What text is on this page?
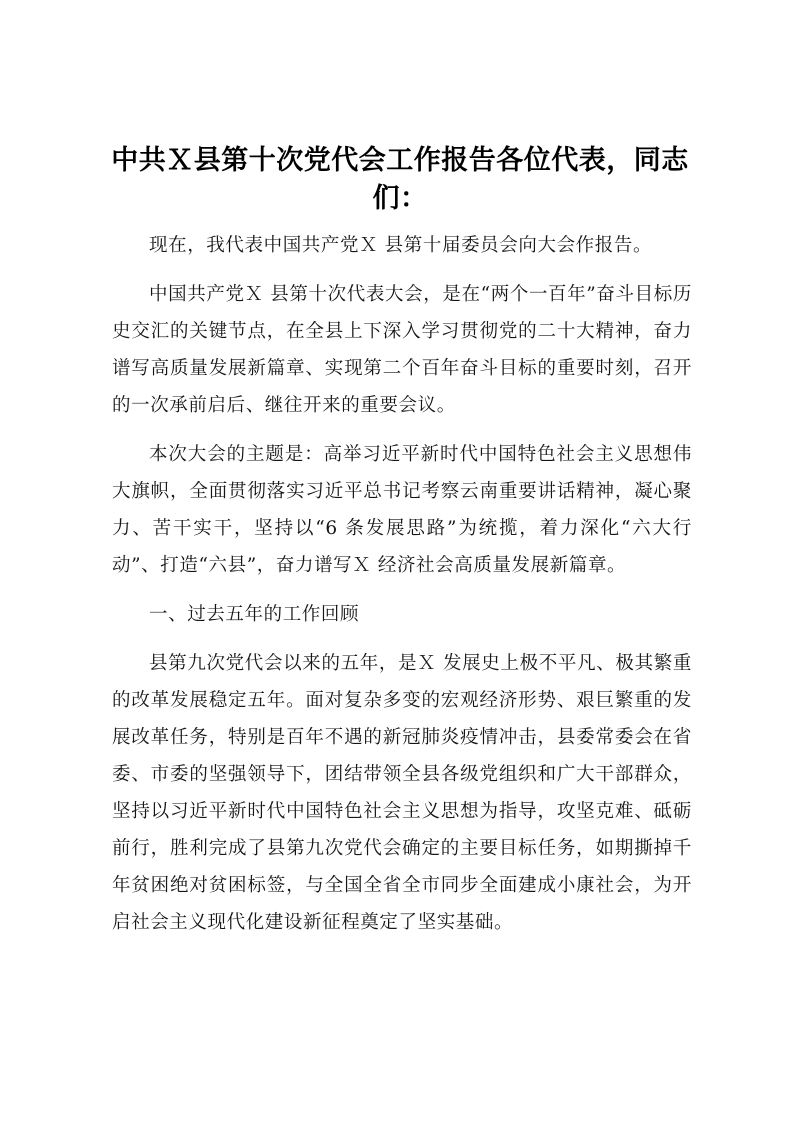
中共Ｘ县第十次党代会工作报告各位代表，同志们：

现在，我代表中国共产党Ｘ 县第十届委员会向大会作报告。

中国共产党Ｘ 县第十次代表大会，是在“两个一百年”奋斗目标历史交汇的关键节点，在全县上下深入学习贯彻党的二十大精神，奋力谱写高质量发展新篇章、实现第二个百年奋斗目标的重要时刻，召开的一次承前启后、继往开来的重要会议。

本次大会的主题是：高举习近平新时代中国特色社会主义思想伟大旗帜，全面贯彻落实习近平总书记考察云南重要讲话精神，凝心聚力、苦干实干，坚持以“6 条发展思路”为统揽，着力深化“六大行动”、打造“六县”，奋力谱写Ｘ 经济社会高质量发展新篇章。

一、过去五年的工作回顾

县第九次党代会以来的五年，是Ｘ 发展史上极不平凡、极其繁重的改革发展稳定五年。面对复杂多变的宏观经济形势、艰巨繁重的发展改革任务，特别是百年不遇的新冠肺炎疫情冲击，县委常委会在省委、市委的坚强领导下，团结带领全县各级党组织和广大干部群众，坚持以习近平新时代中国特色社会主义思想为指导，攻坚克难、砥砺前行，胜利完成了县第九次党代会确定的主要目标任务，如期撕掉千年贫困绝对贫困标签，与全国全省全市同步全面建成小康社会，为开启社会主义现代化建设新征程奠定了坚实基础。
